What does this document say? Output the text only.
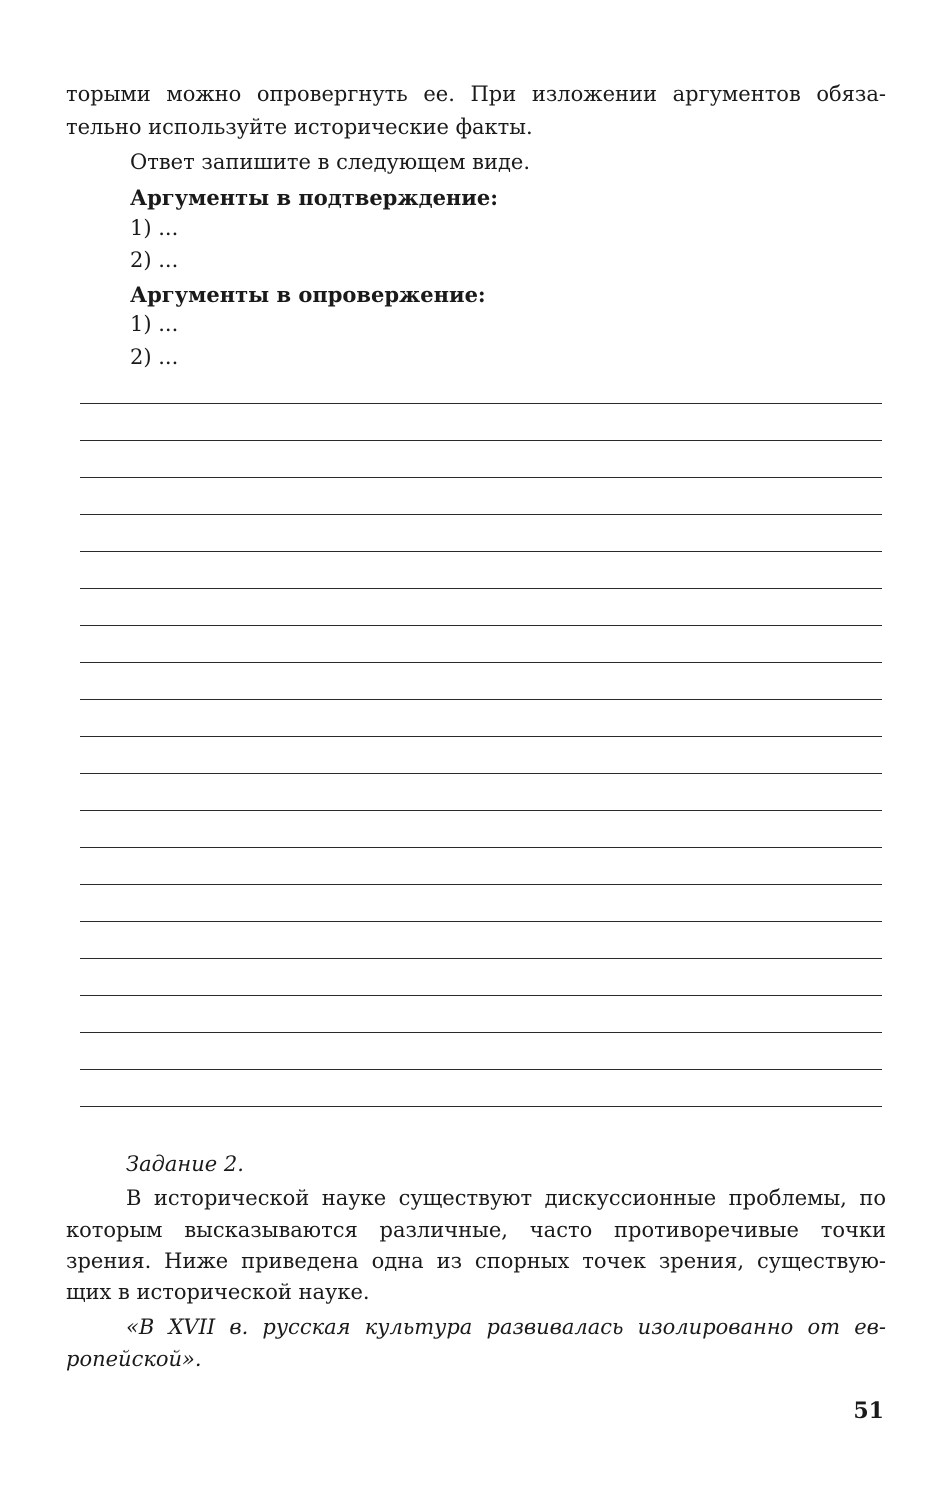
торыми можно опровергнуть ее. При изложении аргументов обяза-

тельно используйте исторические факты.

Ответ запишите в следующем виде.

Аргументы в подтверждение:

1) ...

2) ...

Аргументы в опровержение:

1) ...

2) ...

Задание 2.

В исторической науке существуют дискуссионные проблемы, по

которым высказываются различные, часто противоречивые точки

зрения. Ниже приведена одна из спорных точек зрения, существую-

щих в исторической науке.

«В XVII в. русская культура развивалась изолированно от ев-

ропейской».

51
